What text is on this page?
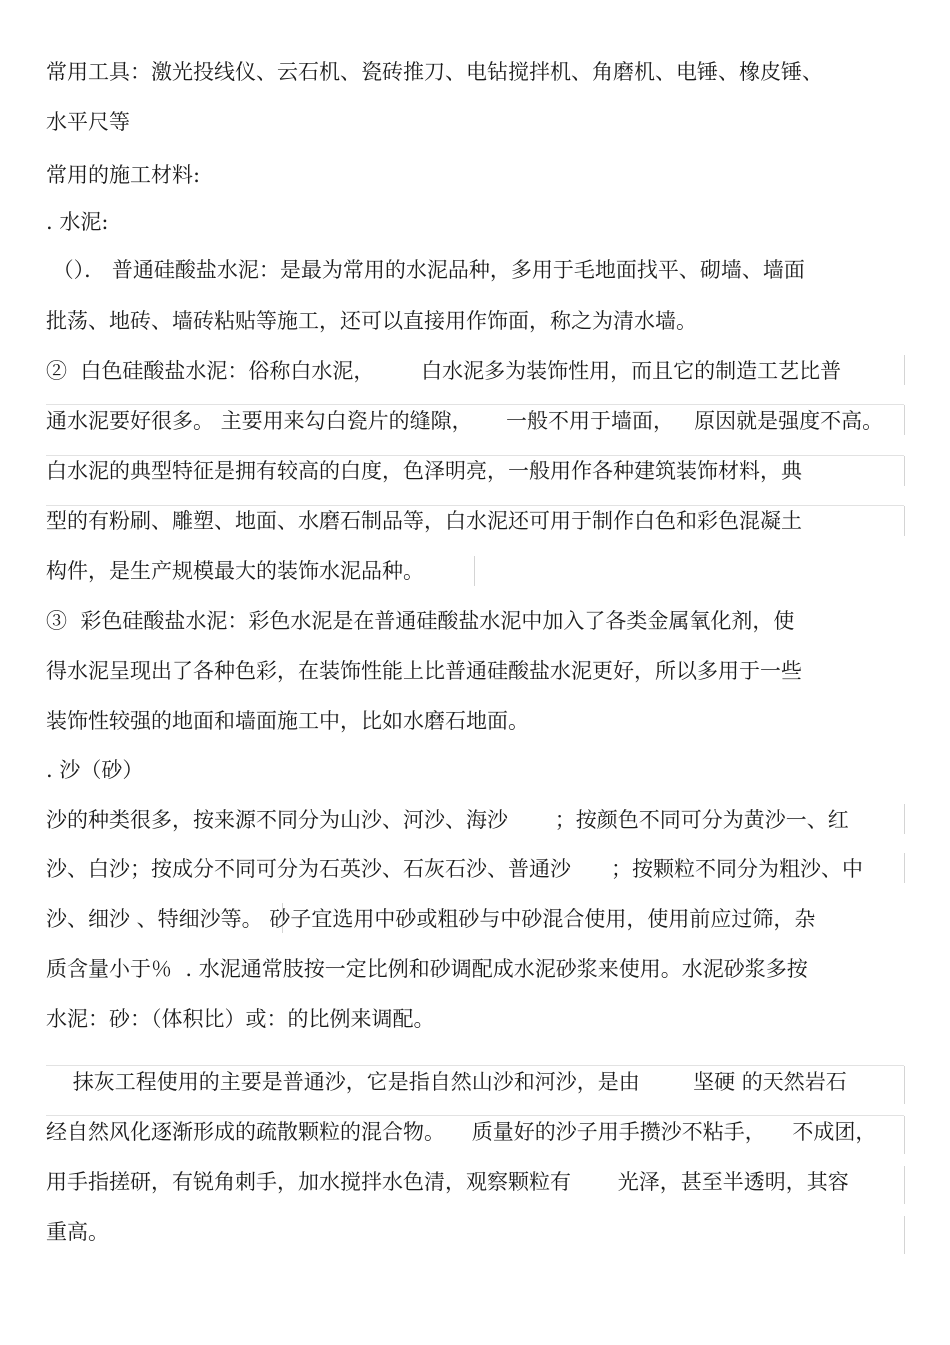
常用工具：激光投线仪、云石机、瓷砖推刀、电钻搅拌机、角磨机、电锤、橡皮锤、
水平尺等
常用的施工材料:
. 水泥:
（）． 普通硅酸盐水泥：是最为常用的水泥品种，多用于毛地面找平、砌墙、墙面
批荡、地砖、墙砖粘贴等施工，还可以直接用作饰面，称之为清水墙。
②  白色硅酸盐水泥：俗称白水泥，       白水泥多为装饰性用，而且它的制造工艺比普
通水泥要好很多。 主要用来勾白瓷片的缝隙，     一般不用于墙面，   原因就是强度不高。
白水泥的典型特征是拥有较高的白度，色泽明亮，一般用作各种建筑装饰材料，典
型的有粉刷、雕塑、地面、水磨石制品等，白水泥还可用于制作白色和彩色混凝土
构件，是生产规模最大的装饰水泥品种。
③  彩色硅酸盐水泥：彩色水泥是在普通硅酸盐水泥中加入了各类金属氧化剂，使
得水泥呈现出了各种色彩，在装饰性能上比普通硅酸盐水泥更好，所以多用于一些
装饰性较强的地面和墙面施工中，比如水磨石地面。
. 沙（砂）
沙的种类很多，按来源不同分为山沙、河沙、海沙       ；按颜色不同可分为黄沙一、红
沙、白沙；按成分不同可分为石英沙、石灰石沙、普通沙      ；按颗粒不同分为粗沙、中
沙、细沙 、特细沙等。 砂子宜选用中砂或粗砂与中砂混合使用，使用前应过筛，杂
质含量小于％  . 水泥通常肢按一定比例和砂调配成水泥砂浆来使用。水泥砂浆多按
水泥：砂：（体积比）或：的比例来调配。
抹灰工程使用的主要是普通沙，它是指自然山沙和河沙，是由        坚硬 的天然岩石
经自然风化逐渐形成的疏散颗粒的混合物。    质量好的沙子用手攒沙不粘手，    不成团，
用手指搓研，有锐角刺手，加水搅拌水色清，观察颗粒有       光泽，甚至半透明，其容
重高。
